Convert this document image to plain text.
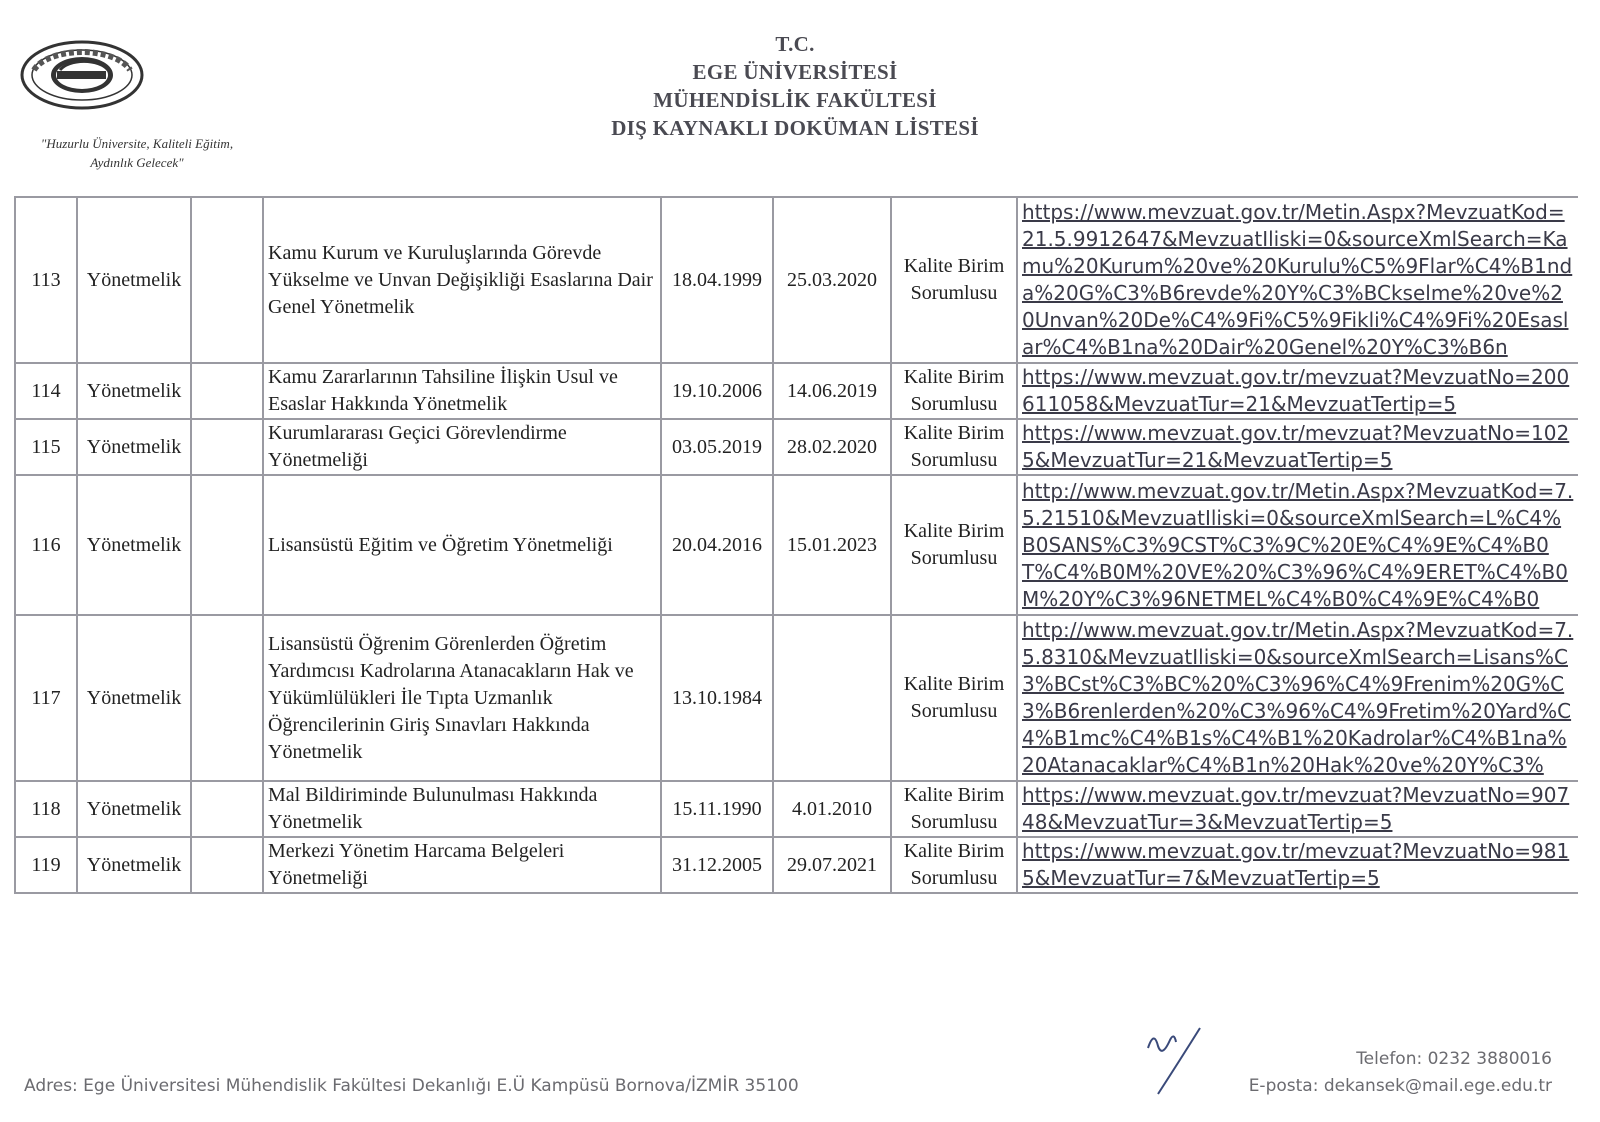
"Huzurlu Üniversite, Kaliteli Eğitim,
Aydınlık Gelecek"
T.C.
EGE ÜNİVERSİTESİ
MÜHENDİSLİK FAKÜLTESİ
DIŞ KAYNAKLI DOKÜMAN LİSTESİ
113	Yönetmelik		Kamu Kurum ve Kuruluşlarında Görevde Yükselme ve Unvan Değişikliği Esaslarına Dair Genel Yönetmelik	18.04.1999	25.03.2020	Kalite Birim Sorumlusu	https://www.mevzuat.gov.tr/Metin.Aspx?MevzuatKod=21.5.9912647&MevzuatIliski=0&sourceXmlSearch=Kamu%20Kurum%20ve%20Kurulu%C5%9Flar%C4%B1nda%20G%C3%B6revde%20Y%C3%BCkselme%20ve%20Unvan%20De%C4%9Fi%C5%9Fikli%C4%9Fi%20Esaslar%C4%B1na%20Dair%20Genel%20Y%C3%B6n
114	Yönetmelik		Kamu Zararlarının Tahsiline İlişkin Usul ve Esaslar Hakkında Yönetmelik	19.10.2006	14.06.2019	Kalite Birim Sorumlusu	https://www.mevzuat.gov.tr/mevzuat?MevzuatNo=200611058&MevzuatTur=21&MevzuatTertip=5
115	Yönetmelik		Kurumlararası Geçici Görevlendirme Yönetmeliği	03.05.2019	28.02.2020	Kalite Birim Sorumlusu	https://www.mevzuat.gov.tr/mevzuat?MevzuatNo=1025&MevzuatTur=21&MevzuatTertip=5
116	Yönetmelik		Lisansüstü Eğitim ve Öğretim Yönetmeliği	20.04.2016	15.01.2023	Kalite Birim Sorumlusu	http://www.mevzuat.gov.tr/Metin.Aspx?MevzuatKod=7.5.21510&MevzuatIliski=0&sourceXmlSearch=L%C4%B0SANS%C3%9CST%C3%9C%20E%C4%9E%C4%B0T%C4%B0M%20VE%20%C3%96%C4%9ERET%C4%B0M%20Y%C3%96NETMEL%C4%B0%C4%9E%C4%B0
117	Yönetmelik		Lisansüstü Öğrenim Görenlerden Öğretim Yardımcısı Kadrolarına Atanacakların Hak ve Yükümlülükleri İle Tıpta Uzmanlık Öğrencilerinin Giriş Sınavları Hakkında Yönetmelik	13.10.1984		Kalite Birim Sorumlusu	http://www.mevzuat.gov.tr/Metin.Aspx?MevzuatKod=7.5.8310&MevzuatIliski=0&sourceXmlSearch=Lisans%C3%BCst%C3%BC%20%C3%96%C4%9Frenim%20G%C3%B6renlerden%20%C3%96%C4%9Fretim%20Yard%C4%B1mc%C4%B1s%C4%B1%20Kadrolar%C4%B1na%20Atanacaklar%C4%B1n%20Hak%20ve%20Y%C3%
118	Yönetmelik		Mal Bildiriminde Bulunulması Hakkında Yönetmelik	15.11.1990	4.01.2010	Kalite Birim Sorumlusu	https://www.mevzuat.gov.tr/mevzuat?MevzuatNo=90748&MevzuatTur=3&MevzuatTertip=5
119	Yönetmelik		Merkezi Yönetim Harcama Belgeleri Yönetmeliği	31.12.2005	29.07.2021	Kalite Birim Sorumlusu	https://www.mevzuat.gov.tr/mevzuat?MevzuatNo=9815&MevzuatTur=7&MevzuatTertip=5
Adres: Ege Üniversitesi Mühendislik Fakültesi Dekanlığı E.Ü Kampüsü Bornova/İZMİR 35100
Telefon: 0232 3880016
E-posta: dekansek@mail.ege.edu.tr
